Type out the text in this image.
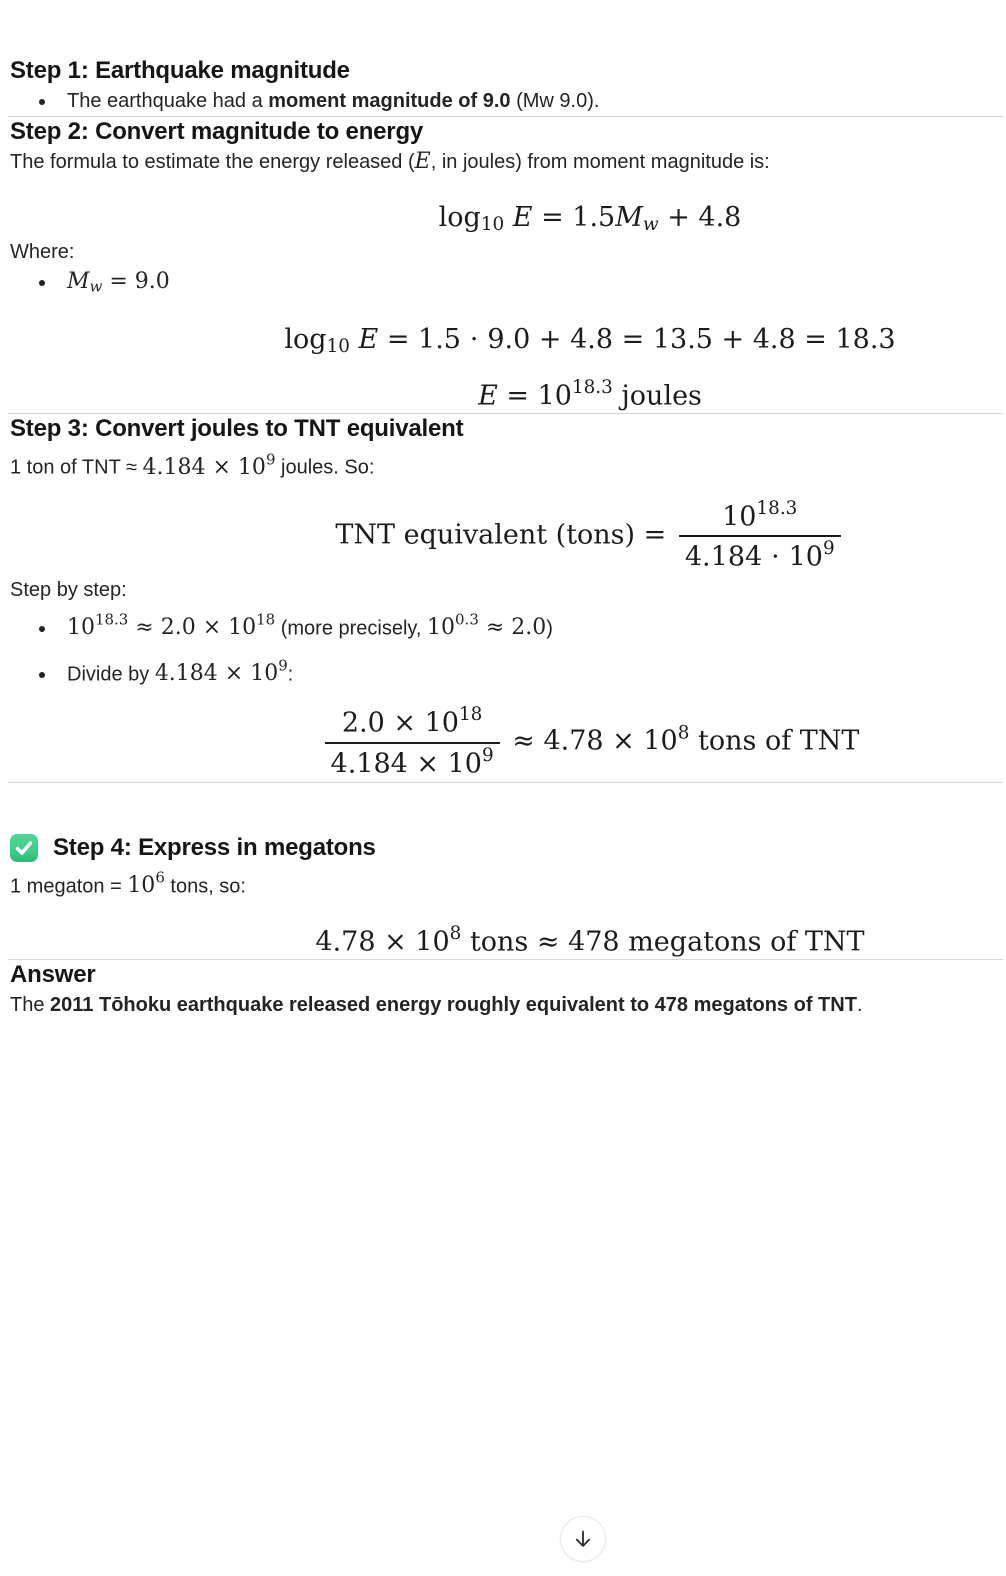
Step 1: Earthquake magnitude
• The earthquake had a moment magnitude of 9.0 (Mw 9.0).
Step 2: Convert magnitude to energy

The formula to estimate the energy released (E, in joules) from moment magnitude is:

log10 E = 1.5Mw + 4.8

Where:

• Mw = 9.0
log10 E = 1.5 ⋅ 9.0 + 4.8 = 13.5 + 4.8 = 18.3
$E = 10^{18.3}$ joules
Step 3: Convert joules to TNT equivalent

1 ton of TNT ≈ $4.184 \times 10^9$ joules. So:

TNT equivalent (tons) = $\frac{10^{18.3}}{4.184 \cdot 10^9}$

Step by step:

• $10^{18.3} \approx 2.0 \times 10^{18}$ (more precisely, $10^{0.3} \approx 2.0$)
• Divide by $4.184 \times 10^9$:
$\frac{2.0 \times 10^{18}}{4.184 \times 10^9} \approx 4.78 \times 10^8$ tons of TNT
Step 4: Express in megatons

1 megaton = $10^6$ tons, so:

$4.78 \times 10^8$ tons ≈ 478 megatons of TNT
Answer

The 2011 Tōhoku earthquake released energy roughly equivalent to 478 megatons of TNT.
